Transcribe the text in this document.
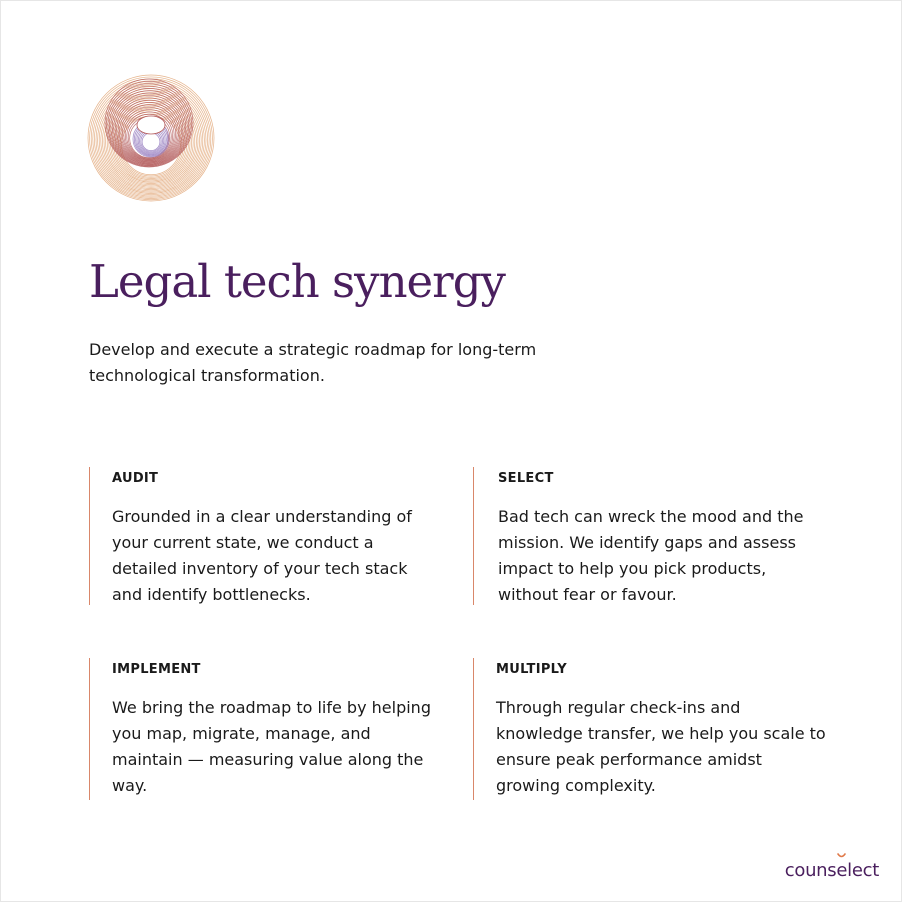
Legal tech synergy

Develop and execute a strategic roadmap for long-term technological transformation.

AUDIT

Grounded in a clear understanding of your current state, we conduct a detailed inventory of your tech stack and identify bottlenecks.

SELECT

Bad tech can wreck the mood and the mission. We identify gaps and assess impact to help you pick products, without fear or favour.

IMPLEMENT

We bring the roadmap to life by helping you map, migrate, manage, and maintain — measuring value along the way.

MULTIPLY

Through regular check-ins and knowledge transfer, we help you scale to ensure peak performance amidst growing complexity.

couns
elect
